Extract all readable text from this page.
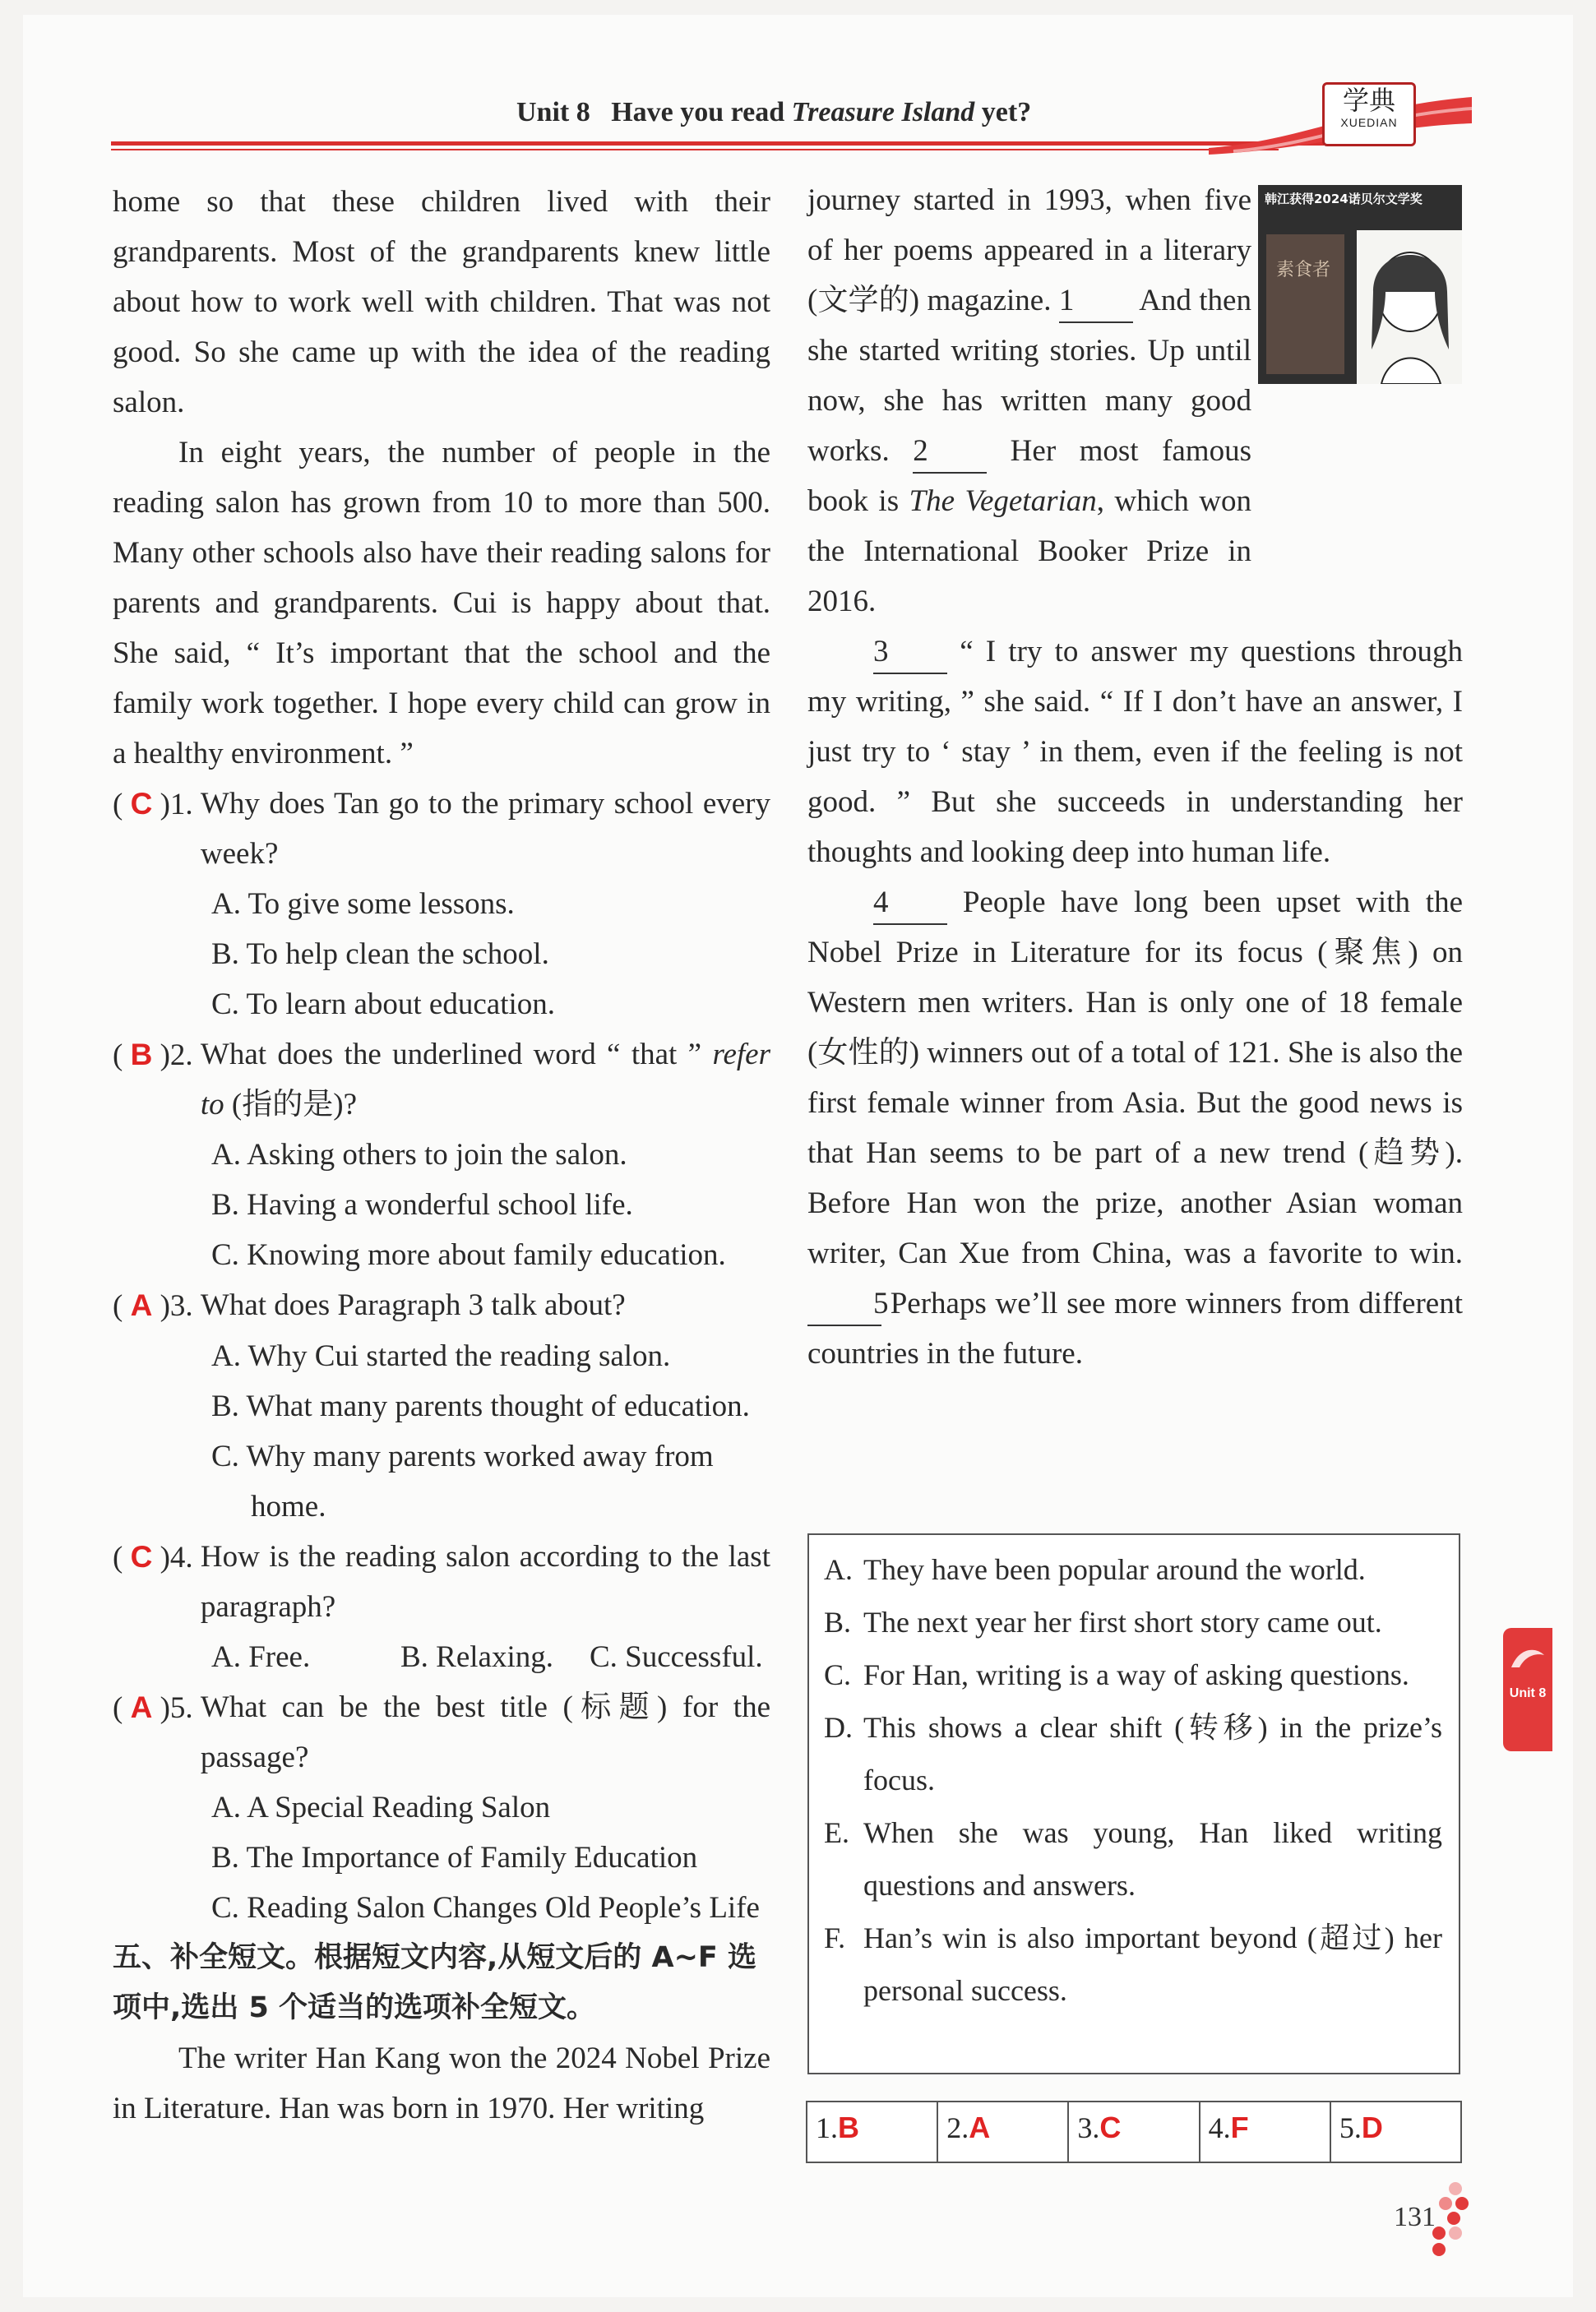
Unit 8 Have you read Treasure Island yet?	学典
XUEDIAN

home so that these children lived with their grandparents. Most of the grandparents knew little about how to work well with children. That was not good. So she came up with the idea of the reading salon.

In eight years, the number of people in the reading salon has grown from 10 to more than 500. Many other schools also have their reading salons for parents and grandparents. Cui is happy about that. She said, “ It’s important that the school and the family work together. I hope every child can grow in a healthy environment. ”

( C )1. Why does Tan go to the primary school every week?

A. To give some lessons.

B. To help clean the school.

C. To learn about education.

( B )2. What does the underlined word “ that ” refer to (指的是)?

A. Asking others to join the salon.

B. Having a wonderful school life.

C. Knowing more about family education.

( A )3. What does Paragraph 3 talk about?

A. Why Cui started the reading salon.

B. What many parents thought of education.

C. Why many parents worked away from home.

( C )4. How is the reading salon according to the last paragraph?
A. Free.	B. Relaxing.	C. Successful.
( A )5. What can be the best title (标题) for the passage?

A. A Special Reading Salon

B. The Importance of Family Education

C. Reading Salon Changes Old People’s Life

五、补全短文。根据短文内容,从短文后的 A~F 选项中,选出 5 个适当的选项补全短文。

The writer Han Kang won the 2024 Nobel Prize in Literature. Han was born in 1970. Her writing

素食者
韩江获得2024诺贝尔文学奖

journey started in 1993, when five of her poems appeared in a literary (文学的) magazine. 1 And then she started writing stories. Up until now, she has written many good works. 2	Her most famous book is The Vegetarian, which won the International Booker Prize in 2016.

3 “ I try to answer my questions through my writing, ” she said. “ If I don’t have an answer, I just try to ‘ stay ’ in them, even if the feeling is not good. ” But she succeeds in understanding her thoughts and looking deep into human life.

4 People have long been upset with the Nobel Prize in Literature for its focus (聚焦) on Western men writers. Han is only one of 18 female (女性的) winners out of a total of 121. She is also the first female winner from Asia. But the good news is that Han seems to be part of a new trend (趋势). Before Han won the prize, another Asian woman writer, Can Xue from China, was a favorite to win. 5 Perhaps we’ll see more winners from different countries in the future.

A. They have been popular around the world.
B. The next year her first short story came out.
C. For Han, writing is a way of asking questions.
D. This shows a clear shift (转移) in the prize’s focus.
E. When she was young, Han liked writing questions and answers.
F. Han’s win is also important beyond (超过) her personal success.
1.B	2.A	3.C	4.F	5.D
Unit 8
131
